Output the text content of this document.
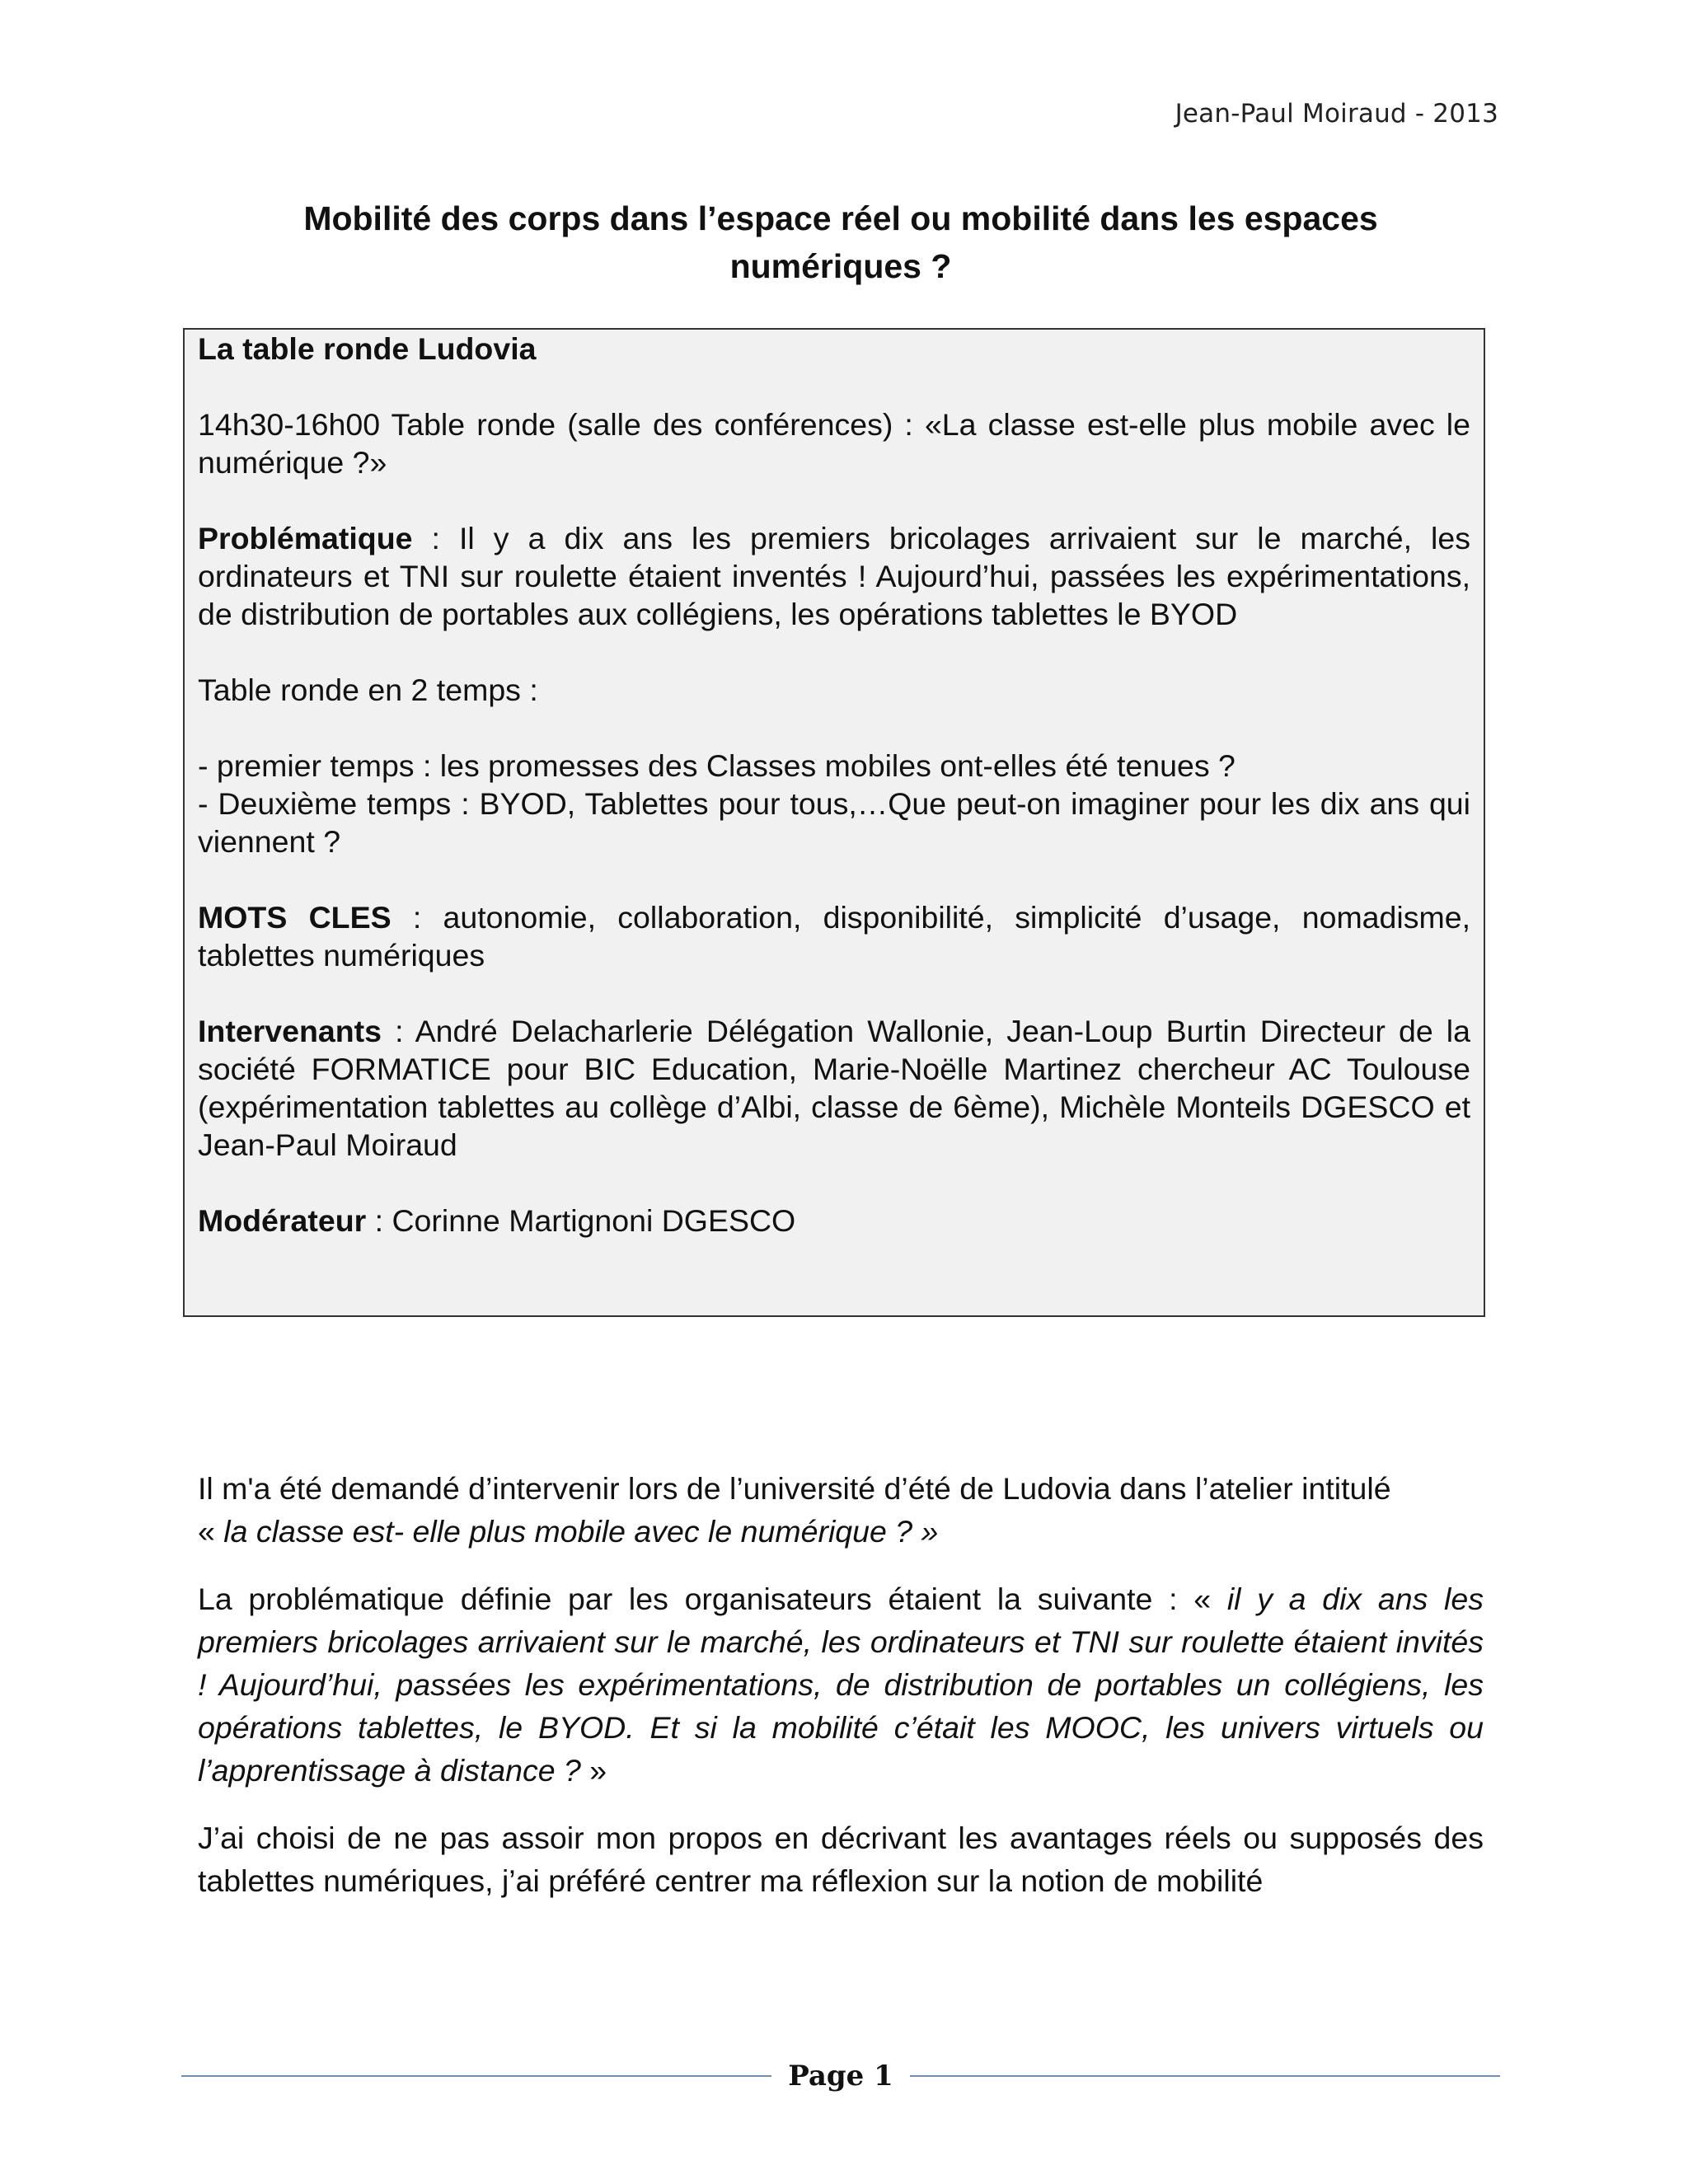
Jean-Paul Moiraud - 2013
Mobilité des corps dans l’espace réel ou mobilité dans les espaces
numériques ?

La table ronde Ludovia

14h30-16h00 Table ronde (salle des conférences) : «La classe est-elle plus mobile avec le numérique ?»

Problématique : Il y a dix ans les premiers bricolages arrivaient sur le marché, les ordinateurs et TNI sur roulette étaient inventés ! Aujourd’hui, passées les expérimentations, de distribution de portables aux collégiens, les opérations tablettes le BYOD

Table ronde en 2 temps :

- premier temps : les promesses des Classes mobiles ont-elles été tenues ?

- Deuxième temps : BYOD, Tablettes pour tous,…Que peut-on imaginer pour les dix ans qui viennent ?

MOTS CLES : autonomie, collaboration, disponibilité, simplicité d’usage, nomadisme, tablettes numériques

Intervenants : André Delacharlerie Délégation Wallonie, Jean-Loup Burtin Directeur de la société FORMATICE pour BIC Education, Marie-Noëlle Martinez chercheur AC Toulouse (expérimentation tablettes au collège d’Albi, classe de 6ème), Michèle Monteils DGESCO et Jean-Paul Moiraud

Modérateur : Corinne Martignoni DGESCO

Il m'a été demandé d’intervenir lors de l’université d’été de Ludovia dans l’atelier intitulé
« la classe est- elle plus mobile avec le numérique ? »

La problématique définie par les organisateurs étaient la suivante : « il y a dix ans les premiers bricolages arrivaient sur le marché, les ordinateurs et TNI sur roulette étaient invités ! Aujourd’hui, passées les expérimentations, de distribution de portables un collégiens, les opérations tablettes, le BYOD. Et si la mobilité c’était les MOOC, les univers virtuels ou l’apprentissage à distance ? »

J’ai choisi de ne pas assoir mon propos en décrivant les avantages réels ou supposés des tablettes numériques, j’ai préféré centrer ma réflexion sur la notion de mobilité

Page 1
